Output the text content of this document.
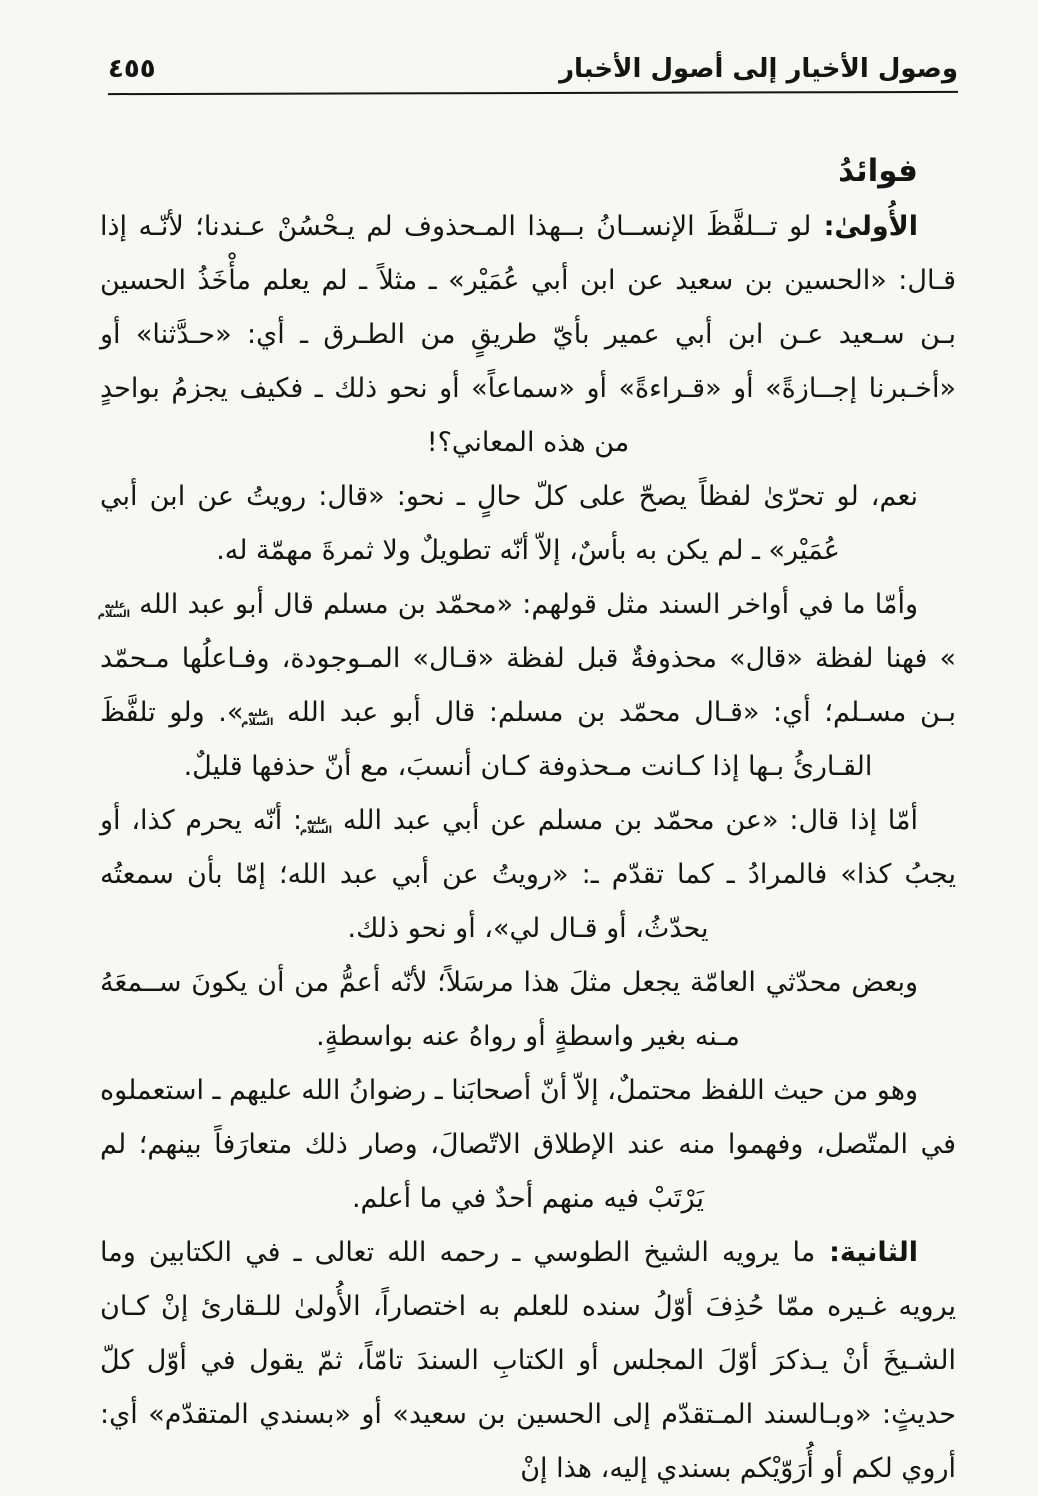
وصول الأخيار إلى أصول الأخبار
٤٥٥
فوائدُ

الأُولىٰ: لو تــلفَّظَ الإنســانُ بــهذا المـحذوف لم يـحْسُنْ عـندنا؛ لأنّـه إذا قـال: «الحسين بن سعيد عن ابن أبي عُمَيْر» ـ مثلاً ـ لم يعلم مأْخَذُ الحسين بـن سـعيد عـن ابن أبي عمير بأيّ طريقٍ من الطـرق ـ أي: «حـدَّثنا» أو «أخـبرنا إجــازةً» أو «قـراءةً» أو «سماعاً» أو نحو ذلك ـ فكيف يجزمُ بواحدٍ من هذه المعاني؟!

نعم، لو تحرّىٰ لفظاً يصحّ على كلّ حالٍ ـ نحو: «قال: رويتُ عن ابن أبي عُمَيْر» ـ لم يكن به بأسٌ، إلاّ أنّه تطويلٌ ولا ثمرةَ مهمّة له.

وأمّا ما في أواخر السند مثل قولهم: «محمّد بن مسلم قال أبو عبد الله عليه السلام» فهنا لفظة «قال» محذوفةٌ قبل لفظة «قـال» المـوجودة، وفـاعلُها مـحمّد بـن مسـلم؛ أي: «قـال محمّد بن مسلم: قال أبو عبد الله عليه السلام». ولو تلفَّظَ القـارئُ بـها إذا كـانت مـحذوفة كـان أنسبَ، مع أنّ حذفها قليلٌ.

أمّا إذا قال: «عن محمّد بن مسلم عن أبي عبد الله عليه السلام: أنّه يحرم كذا، أو يجبُ كذا» فالمرادُ ـ كما تقدّم ـ: «رويتُ عن أبي عبد الله؛ إمّا بأن سمعتُه يحدّثُ، أو قـال لي»، أو نحو ذلك.

وبعض محدّثي العامّة يجعل مثلَ هذا مرسَلاً؛ لأنّه أعمُّ من أن يكونَ ســمعَهُ مـنه بغير واسطةٍ أو رواهُ عنه بواسطةٍ.

وهو من حيث اللفظ محتملٌ، إلاّ أنّ أصحابَنا ـ رضوانُ الله عليهم ـ استعملوه في المتّصل، وفهموا منه عند الإطلاق الاتّصالَ، وصار ذلك متعارَفاً بينهم؛ لم يَرْتَبْ فيه منهم أحدٌ في ما أعلم.

الثانية: ما يرويه الشيخ الطوسي ـ رحمه الله تعالى ـ في الكتابين وما يرويه غـيره ممّا حُذِفَ أوّلُ سنده للعلم به اختصاراً، الأُولىٰ للـقارئ إنْ كـان الشـيخَ أنْ يـذكرَ أوّلَ المجلس أو الكتابِ السندَ تامّاً، ثمّ يقول في أوّل كلّ حديثٍ: «وبـالسند المـتقدّم إلى الحسين بن سعيد» أو «بسندي المتقدّم» أي: أروي لكم أو أُرَوّيْكم بسندي إليه، هذا إنْ
